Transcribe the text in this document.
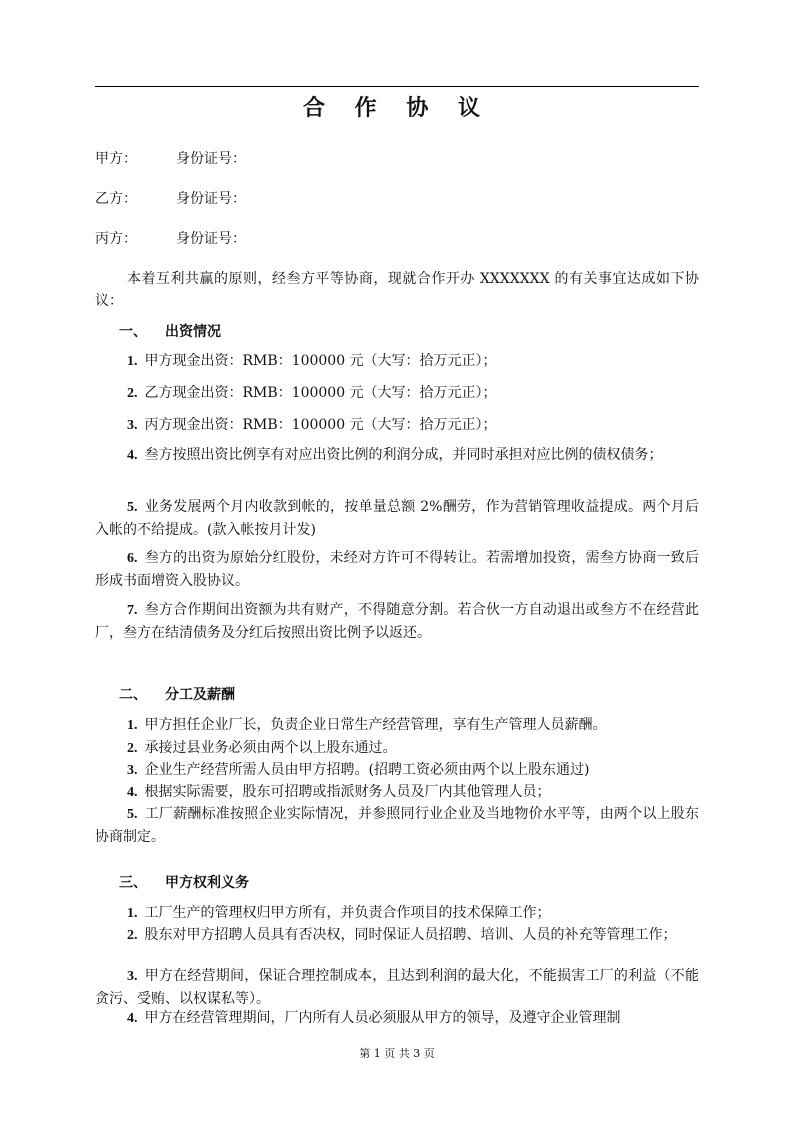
合 作 协 议
甲方：	身份证号：
乙方：	身份证号：
丙方：	身份证号：
本着互利共赢的原则，经叁方平等协商，现就合作开办 XXXXXXX 的有关事宜达成如下协议：
一、 出资情况
1. 甲方现金出资：RMB：100000 元（大写：拾万元正）；
2. 乙方现金出资：RMB：100000 元（大写：拾万元正）；
3. 丙方现金出资：RMB：100000 元（大写：拾万元正）；
4. 叁方按照出资比例享有对应出资比例的利润分成，并同时承担对应比例的债权债务；
5. 业务发展两个月内收款到帐的，按单量总额 2%酬劳，作为营销管理收益提成。两个月后入帐的不给提成。(款入帐按月计发)
6. 叁方的出资为原始分红股份，未经对方许可不得转让。若需增加投资，需叁方协商一致后形成书面增资入股协议。
7. 叁方合作期间出资额为共有财产，不得随意分割。若合伙一方自动退出或叁方不在经营此厂，叁方在结清债务及分红后按照出资比例予以返还。
二、 分工及薪酬
1. 甲方担任企业厂长，负责企业日常生产经营管理，享有生产管理人员薪酬。
2. 承接过县业务必须由两个以上股东通过。
3. 企业生产经营所需人员由甲方招聘。(招聘工资必须由两个以上股东通过)
4. 根据实际需要，股东可招聘或指派财务人员及厂内其他管理人员；
5. 工厂薪酬标准按照企业实际情况，并参照同行业企业及当地物价水平等，由两个以上股东协商制定。
三、 甲方权利义务
1. 工厂生产的管理权归甲方所有，并负责合作项目的技术保障工作；
2. 股东对甲方招聘人员具有否决权，同时保证人员招聘、培训、人员的补充等管理工作；
3. 甲方在经营期间，保证合理控制成本，且达到利润的最大化，不能损害工厂的利益（不能贪污、受贿、以权谋私等）。
4. 甲方在经营管理期间，厂内所有人员必须服从甲方的领导，及遵守企业管理制
第 1 页 共 3 页
